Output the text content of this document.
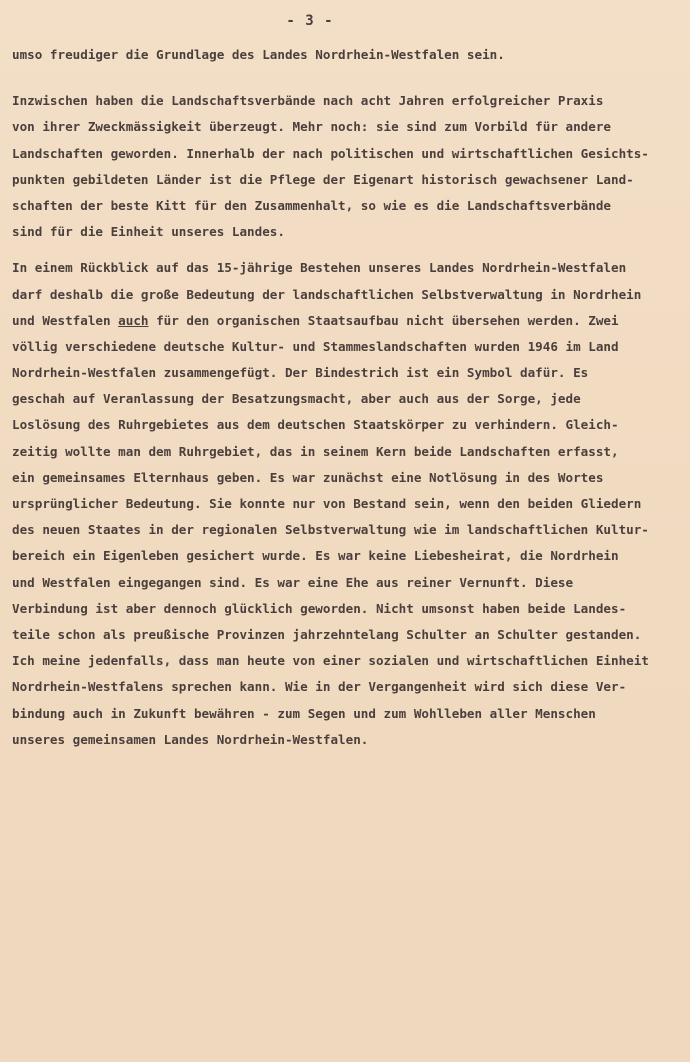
- 3 -

umso freudiger die Grundlage des Landes Nordrhein-Westfalen sein.

Inzwischen haben die Landschaftsverbände nach acht Jahren erfolgreicher Praxis
von ihrer Zweckmässigkeit überzeugt. Mehr noch: sie sind zum Vorbild für andere
Landschaften geworden. Innerhalb der nach politischen und wirtschaftlichen Gesichts-
punkten gebildeten Länder ist die Pflege der Eigenart historisch gewachsener Land-
schaften der beste Kitt für den Zusammenhalt, so wie es die Landschaftsverbände
sind für die Einheit unseres Landes.

In einem Rückblick auf das 15-jährige Bestehen unseres Landes Nordrhein-Westfalen
darf deshalb die große Bedeutung der landschaftlichen Selbstverwaltung in Nordrhein
und Westfalen auch für den organischen Staatsaufbau nicht übersehen werden. Zwei
völlig verschiedene deutsche Kultur- und Stammeslandschaften wurden 1946 im Land
Nordrhein-Westfalen zusammengefügt. Der Bindestrich ist ein Symbol dafür. Es
geschah auf Veranlassung der Besatzungsmacht, aber auch aus der Sorge, jede
Loslösung des Ruhrgebietes aus dem deutschen Staatskörper zu verhindern. Gleich-
zeitig wollte man dem Ruhrgebiet, das in seinem Kern beide Landschaften erfasst,
ein gemeinsames Elternhaus geben. Es war zunächst eine Notlösung in des Wortes
ursprünglicher Bedeutung. Sie konnte nur von Bestand sein, wenn den beiden Gliedern
des neuen Staates in der regionalen Selbstverwaltung wie im landschaftlichen Kultur-
bereich ein Eigenleben gesichert wurde. Es war keine Liebesheirat, die Nordrhein
und Westfalen eingegangen sind. Es war eine Ehe aus reiner Vernunft. Diese
Verbindung ist aber dennoch glücklich geworden. Nicht umsonst haben beide Landes-
teile schon als preußische Provinzen jahrzehntelang Schulter an Schulter gestanden.
Ich meine jedenfalls, dass man heute von einer sozialen und wirtschaftlichen Einheit
Nordrhein-Westfalens sprechen kann. Wie in der Vergangenheit wird sich diese Ver-
bindung auch in Zukunft bewähren - zum Segen und zum Wohlleben aller Menschen
unseres gemeinsamen Landes Nordrhein-Westfalen.
